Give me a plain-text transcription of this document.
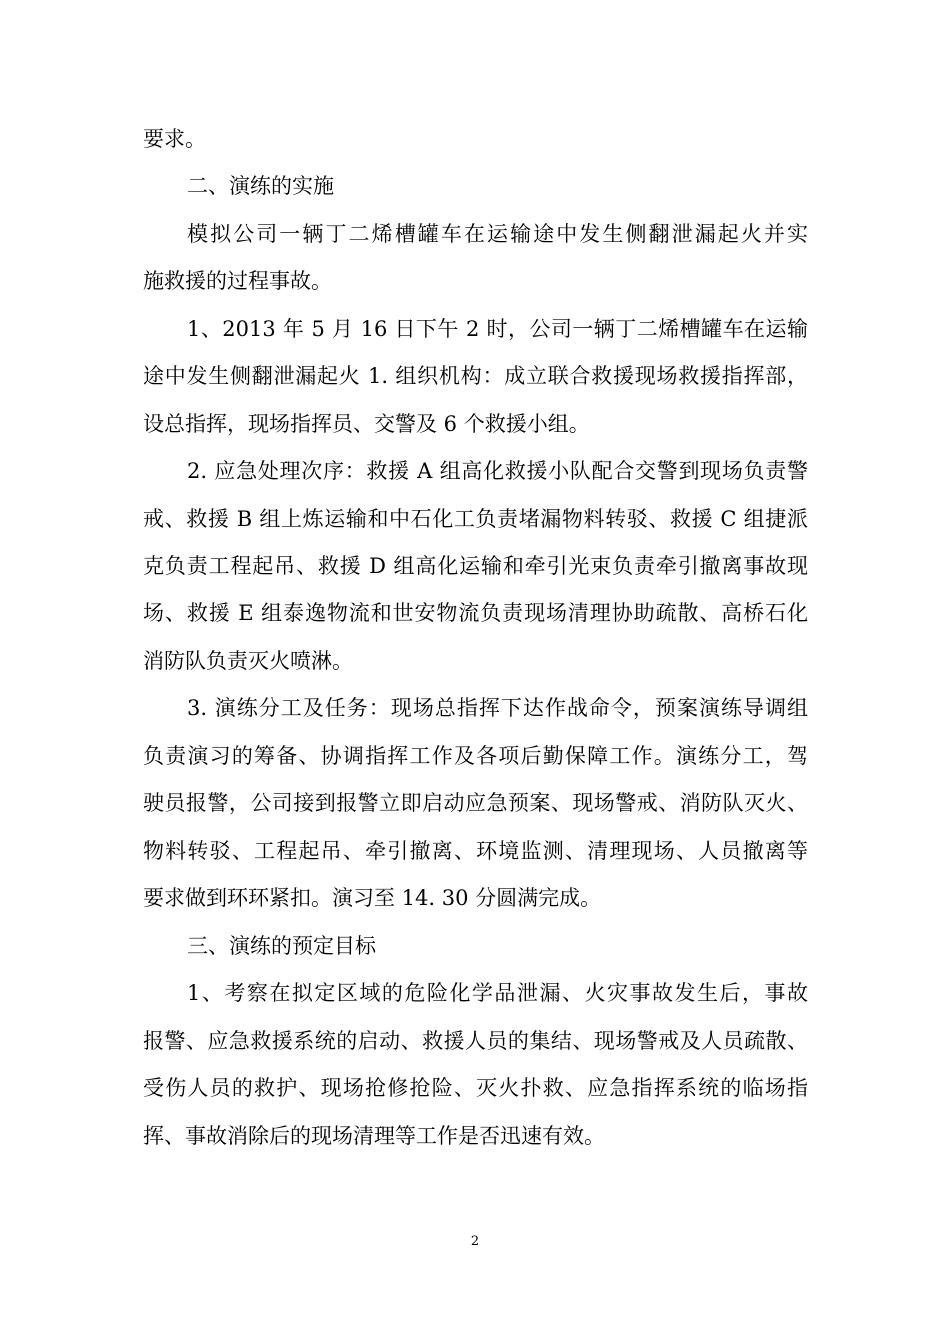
要求。
二、演练的实施
模拟公司一辆丁二烯槽罐车在运输途中发生侧翻泄漏起火并实
施救援的过程事故。
1、2013 年 5 月 16 日下午 2 时，公司一辆丁二烯槽罐车在运输
途中发生侧翻泄漏起火 1. 组织机构：成立联合救援现场救援指挥部，
设总指挥，现场指挥员、交警及 6 个救援小组。
2. 应急处理次序：救援 A 组高化救援小队配合交警到现场负责警
戒、救援 B 组上炼运输和中石化工负责堵漏物料转驳、救援 C 组捷派
克负责工程起吊、救援 D 组高化运输和牵引光束负责牵引撤离事故现
场、救援 E 组泰逸物流和世安物流负责现场清理协助疏散、高桥石化
消防队负责灭火喷淋。
3. 演练分工及任务：现场总指挥下达作战命令，预案演练导调组
负责演习的筹备、协调指挥工作及各项后勤保障工作。演练分工，驾
驶员报警，公司接到报警立即启动应急预案、现场警戒、消防队灭火、
物料转驳、工程起吊、牵引撤离、环境监测、清理现场、人员撤离等
要求做到环环紧扣。演习至 14. 30 分圆满完成。
三、演练的预定目标
1、考察在拟定区域的危险化学品泄漏、火灾事故发生后，事故
报警、应急救援系统的启动、救援人员的集结、现场警戒及人员疏散、
受伤人员的救护、现场抢修抢险、灭火扑救、应急指挥系统的临场指
挥、事故消除后的现场清理等工作是否迅速有效。
2
